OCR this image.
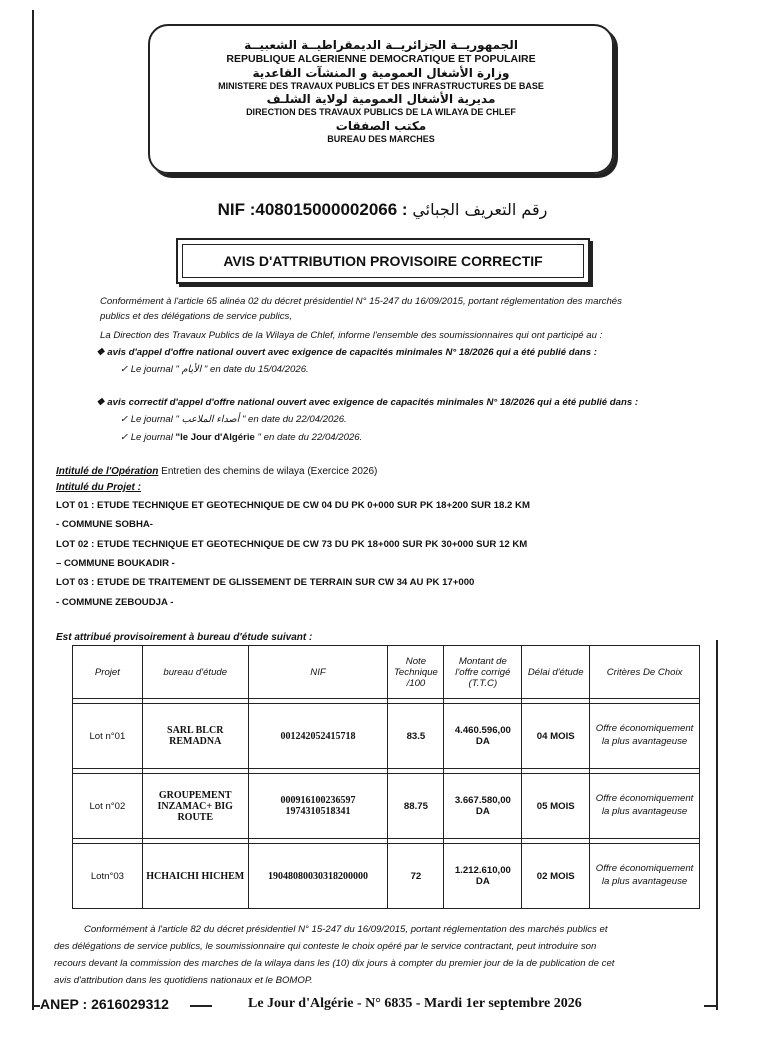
الجمهوريــة الجزائريــة الديمقراطيــة الشعبيــة
REPUBLIQUE ALGERIENNE DEMOCRATIQUE ET POPULAIRE
وزارة الأشغال العمومية و المنشآت القاعدية
MINISTERE DES TRAVAUX PUBLICS ET DES INFRASTRUCTURES DE BASE
مديرية الأشغال العمومية لولاية الشلـف
DIRECTION DES TRAVAUX PUBLICS DE LA WILAYA DE CHLEF
مكتب الصفقات
BUREAU DES MARCHES
NIF :408015000002066 : رقم التعريف الجبائي
AVIS D'ATTRIBUTION PROVISOIRE CORRECTIF
Conformément à l'article 65 alinéa 02 du décret présidentiel N° 15-247 du 16/09/2015, portant réglementation des marchés
publics et des délégations de service publics,
La Direction des Travaux Publics de la Wilaya de Chlef, informe l'ensemble des soumissionnaires qui ont participé au :
❖ avis d'appel d'offre national ouvert avec exigence de capacités minimales N° 18/2026 qui a été publié dans :
✓ Le journal " الأيام " en date du 15/04/2026.
❖ avis correctif d'appel d'offre national ouvert avec exigence de capacités minimales N° 18/2026 qui a été publié dans :
✓ Le journal " أصداء الملاعب " en date du 22/04/2026.
✓ Le journal "le Jour d'Algérie " en date du 22/04/2026.
Intitulé de l'Opération Entretien des chemins de wilaya (Exercice 2026)
Intitulé du Projet :
LOT 01 : ETUDE TECHNIQUE ET GEOTECHNIQUE DE CW 04 DU PK 0+000 SUR PK 18+200 SUR 18.2 KM
- COMMUNE SOBHA-
LOT 02 : ETUDE TECHNIQUE ET GEOTECHNIQUE DE CW 73 DU PK 18+000 SUR PK 30+000 SUR 12 KM
– COMMUNE BOUKADIR -
LOT 03 : ETUDE DE TRAITEMENT DE GLISSEMENT DE TERRAIN SUR CW 34 AU PK 17+000
- COMMUNE ZEBOUDJA -
Est attribué provisoirement à bureau d'étude suivant :
Projet	bureau d'étude	NIF	Note Technique /100	Montant de l'offre corrigé (T.T.C)	Délai d'étude	Critères De Choix

Lot n°01	SARL BLCR REMADNA	001242052415718	83.5	4.460.596,00 DA	04 MOIS	Offre économiquement la plus avantageuse

Lot n°02	GROUPEMENT INZAMAC+ BIG ROUTE	000916100236597 1974310518341	88.75	3.667.580,00 DA	05 MOIS	Offre économiquement la plus avantageuse

Lotn°03	HCHAICHI HICHEM	19048080030318200000	72	1.212.610,00 DA	02 MOIS	Offre économiquement la plus avantageuse
Conformément à l'article 82 du décret présidentiel N° 15-247 du 16/09/2015, portant réglementation des marchés publics et
des délégations de service publics, le soumissionnaire qui conteste le choix opéré par le service contractant, peut introduire son
recours devant la commission des marches de la wilaya dans les (10) dix jours à compter du premier jour de la de publication de cet
avis d'attribution dans les quotidiens nationaux et le BOMOP.
ANEP : 2616029312	Le Jour d'Algérie - N° 6835 - Mardi 1er septembre 2026
